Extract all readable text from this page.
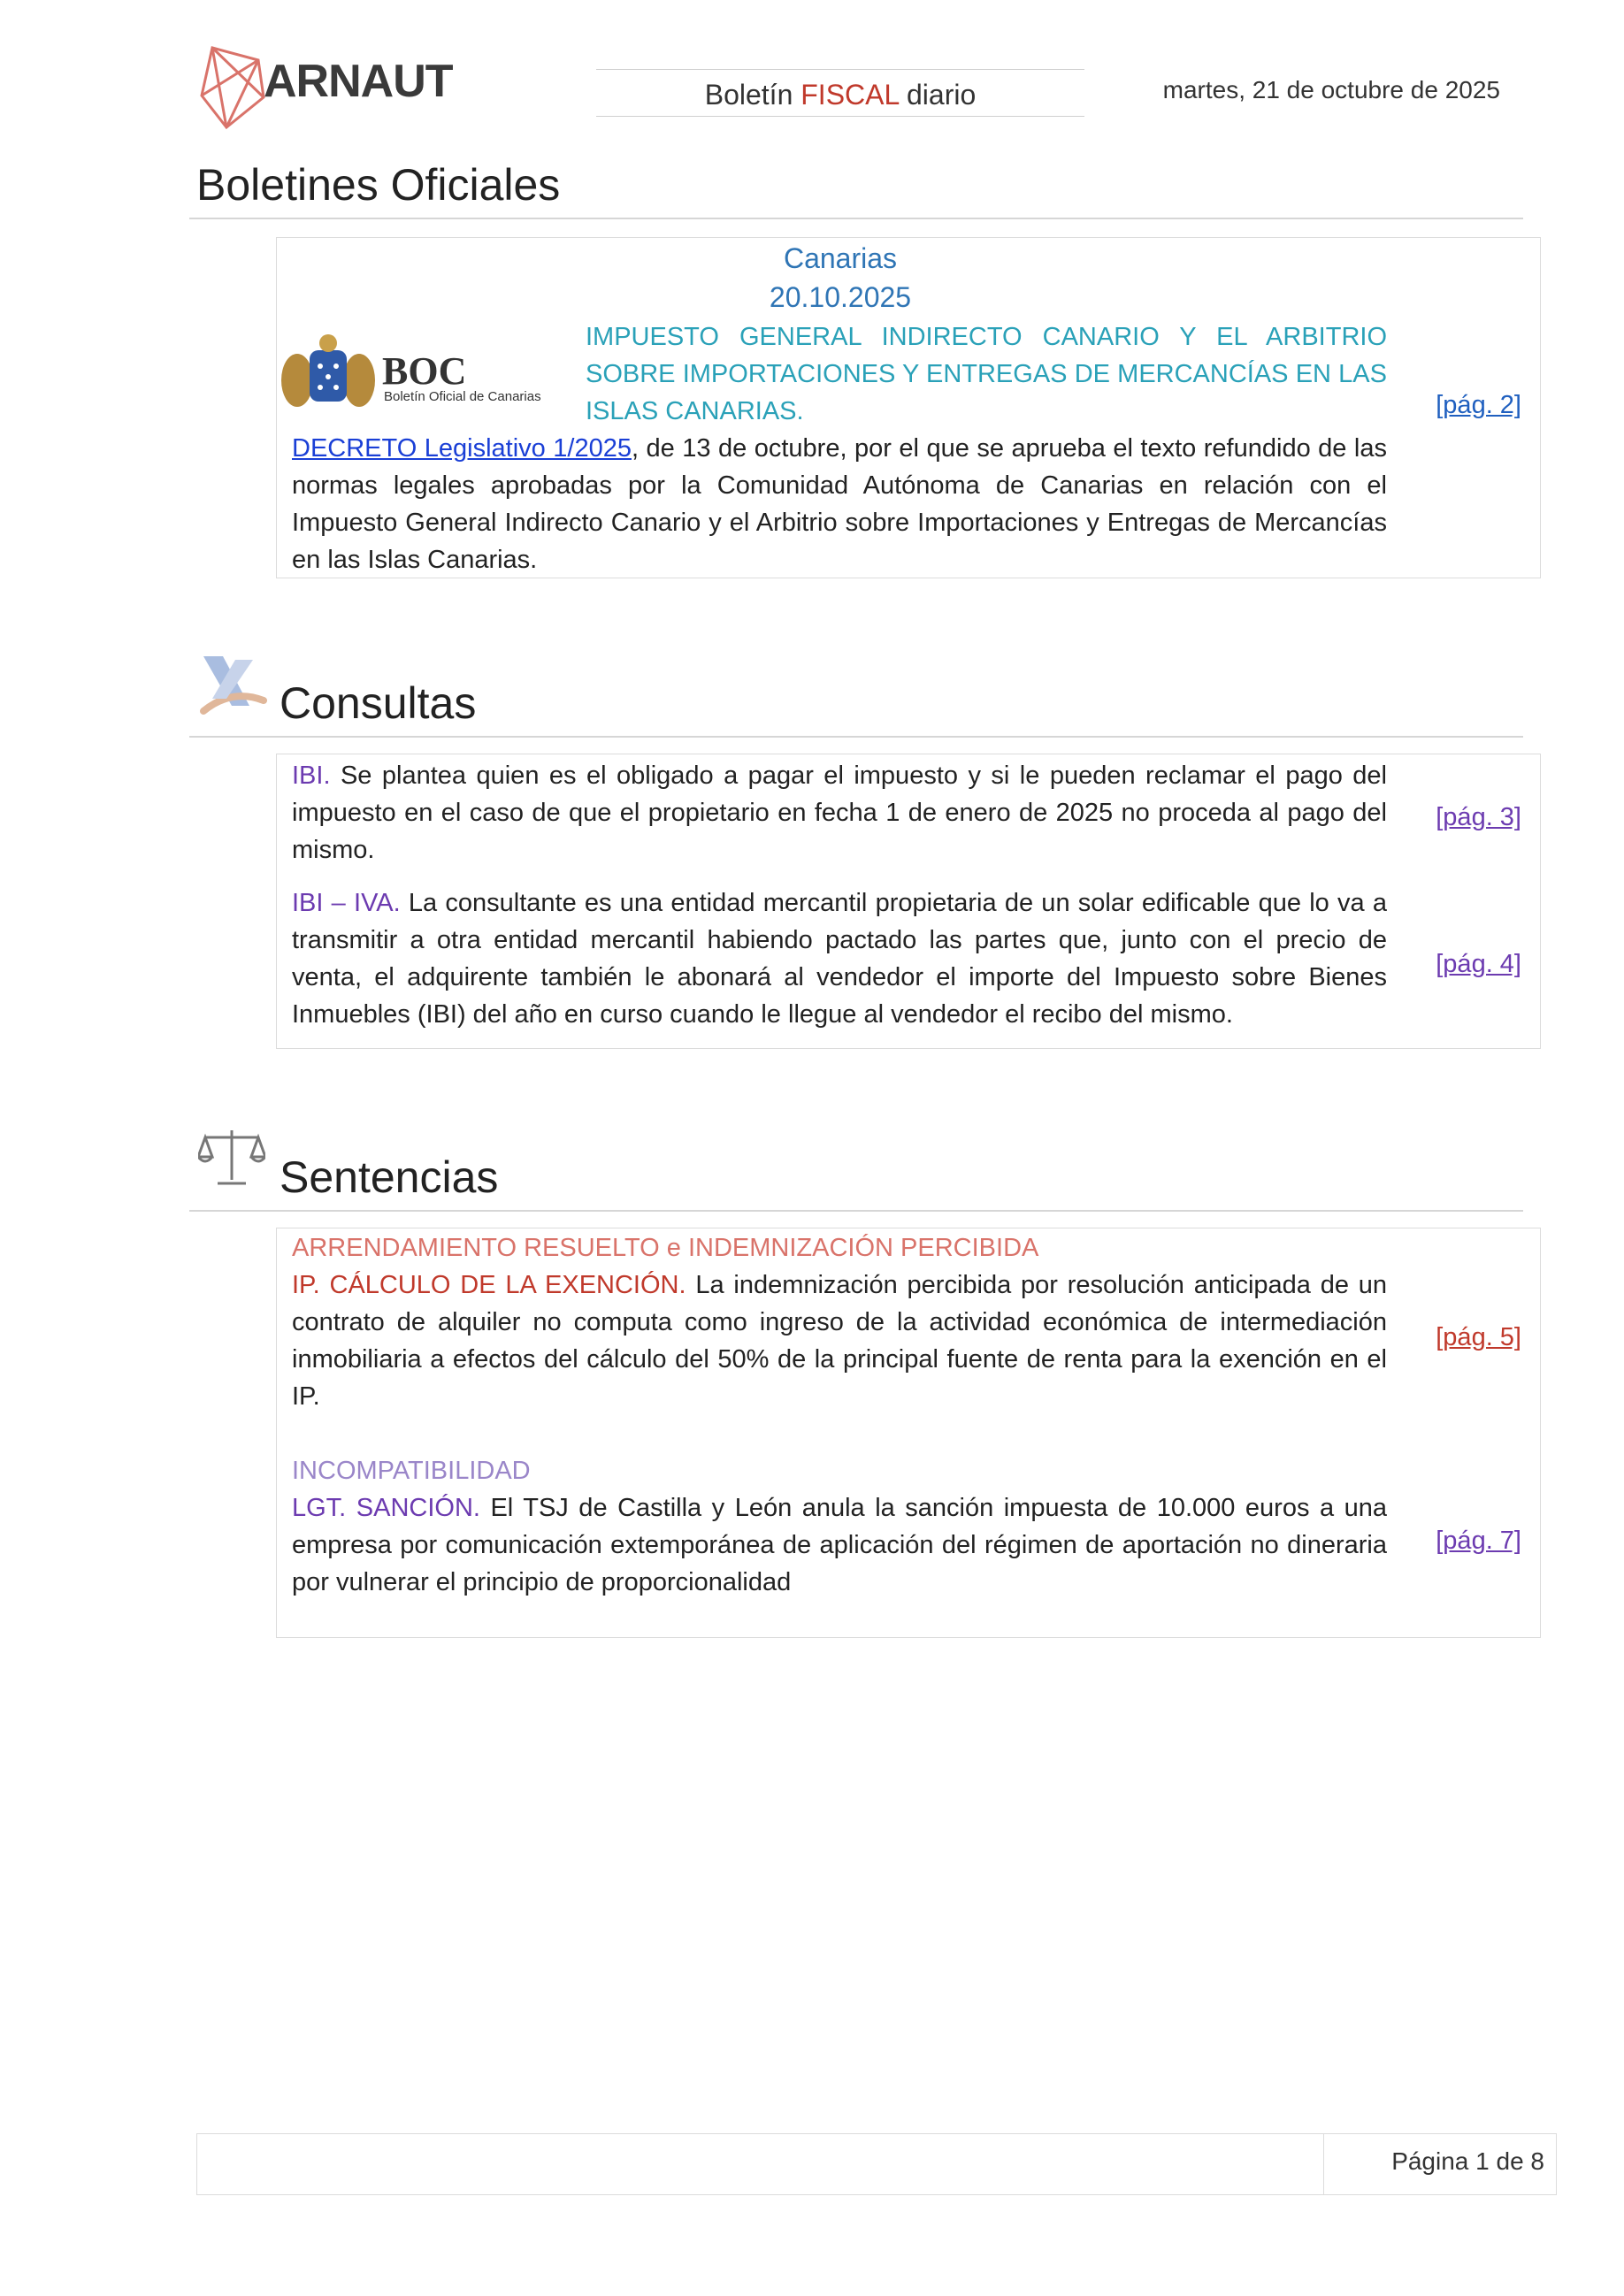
ARNAUT	Boletín FISCAL diario	martes, 21 de octubre de 2025
Boletines Oficiales
Canarias
20.10.2025
BOC
Boletín Oficial de Canarias
IMPUESTO GENERAL INDIRECTO CANARIO Y EL ARBITRIO SOBRE IMPORTACIONES Y ENTREGAS DE MERCANCÍAS EN LAS ISLAS CANARIAS.
DECRETO Legislativo 1/2025, de 13 de octubre, por el que se aprueba el texto refundido de las normas legales aprobadas por la Comunidad Autónoma de Canarias en relación con el Impuesto General Indirecto Canario y el Arbitrio sobre Importaciones y Entregas de Mercancías en las Islas Canarias.
[pág. 2]
Consultas
IBI. Se plantea quien es el obligado a pagar el impuesto y si le pueden reclamar el pago del impuesto en el caso de que el propietario en fecha 1 de enero de 2025 no proceda al pago del mismo.
[pág. 3]
IBI – IVA. La consultante es una entidad mercantil propietaria de un solar edificable que lo va a transmitir a otra entidad mercantil habiendo pactado las partes que, junto con el precio de venta, el adquirente también le abonará al vendedor el importe del Impuesto sobre Bienes Inmuebles (IBI) del año en curso cuando le llegue al vendedor el recibo del mismo.
[pág. 4]
Sentencias
ARRENDAMIENTO RESUELTO e INDEMNIZACIÓN PERCIBIDA
IP. CÁLCULO DE LA EXENCIÓN. La indemnización percibida por resolución anticipada de un contrato de alquiler no computa como ingreso de la actividad económica de intermediación inmobiliaria a efectos del cálculo del 50% de la principal fuente de renta para la exención en el IP.
[pág. 5]
INCOMPATIBILIDAD
LGT. SANCIÓN. El TSJ de Castilla y León anula la sanción impuesta de 10.000 euros a una empresa por comunicación extemporánea de aplicación del régimen de aportación no dineraria por vulnerar el principio de proporcionalidad
[pág. 7]
Página 1 de 8
